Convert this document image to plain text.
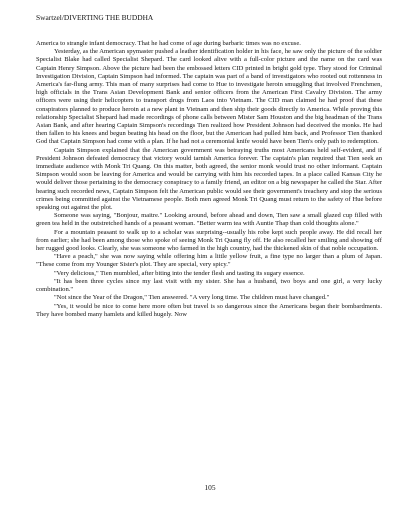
Swartzel/DIVERTING THE BUDDHA

America to strangle infant democracy. That he had come of age during barbaric times was no excuse.

Yesterday, as the American spymaster pushed a leather identification holder in his face, he saw only the picture of the soldier Specialist Blake had called Specialist Shepard. The card looked alive with a full-color picture and the name on the card was Captain Henry Simpson. Above the picture had been the embossed letters CID printed in bright gold type. They stood for Criminal Investigation Division, Captain Simpson had informed. The captain was part of a band of investigators who rooted out rottenness in America's far-flung army. This man of many surprises had come to Hue to investigate heroin smuggling that involved Frenchmen, high officials in the Trans Asian Development Bank and senior officers from the American First Cavalry Division. The army officers were using their helicopters to transport drugs from Laos into Vietnam. The CID man claimed he had proof that these conspirators planned to produce heroin at a new plant in Vietnam and then ship their goods directly to America. While proving this relationship Specialist Shepard had made recordings of phone calls between Mister Sam Houston and the big headman of the Trans Asian Bank, and after hearing Captain Simpson's recordings Tien realized how President Johnson had deceived the monks. He had then fallen to his knees and begun beating his head on the floor, but the American had pulled him back, and Professor Tien thanked God that Captain Simpson had come with a plan. If he had not a ceremonial knife would have been Tien's only path to redemption.

Captain Simpson explained that the American government was betraying truths most Americans held self-evident, and if President Johnson defeated democracy that victory would tarnish America forever. The captain's plan required that Tien seek an immediate audience with Monk Tri Quang. On this matter, both agreed, the senior monk would trust no other informant. Captain Simpson would soon be leaving for America and would be carrying with him his recorded tapes. In a place called Kansas City he would deliver those pertaining to the democracy conspiracy to a family friend, an editor on a big newspaper he called the Star. After hearing such recorded news, Captain Simpson felt the American public would see their government's treachery and stop the serious crimes being committed against the Vietnamese people. Both men agreed Monk Tri Quang must return to the safety of Hue before speaking out against the plot.

Someone was saying, "Bonjour, maitre." Looking around, before ahead and down, Tien saw a small glazed cup filled with green tea held in the outstretched hands of a peasant woman. "Better warm tea with Auntie Thap than cold thoughts alone."

For a mountain peasant to walk up to a scholar was surprising--usually his robe kept such people away. He did recall her from earlier; she had been among those who spoke of seeing Monk Tri Quang fly off. He also recalled her smiling and showing off her rugged good looks. Clearly, she was someone who farmed in the high country, had the thickened skin of that noble occupation.

"Have a peach," she was now saying while offering him a little yellow fruit, a fine type no larger than a plum of Japan. "These come from my Younger Sister's plot. They are special, very spicy."

"Very delicious," Tien mumbled, after biting into the tender flesh and tasting its sugary essence.

"It has been three cycles since my last visit with my sister. She has a husband, two boys and one girl, a very lucky combination."

"Not since the Year of the Dragon," Tien answered. "A very long time. The children must have changed."

"Yes, it would be nice to come here more often but travel is so dangerous since the Americans began their bombardments. They have bombed many hamlets and killed hugely. Now

105
